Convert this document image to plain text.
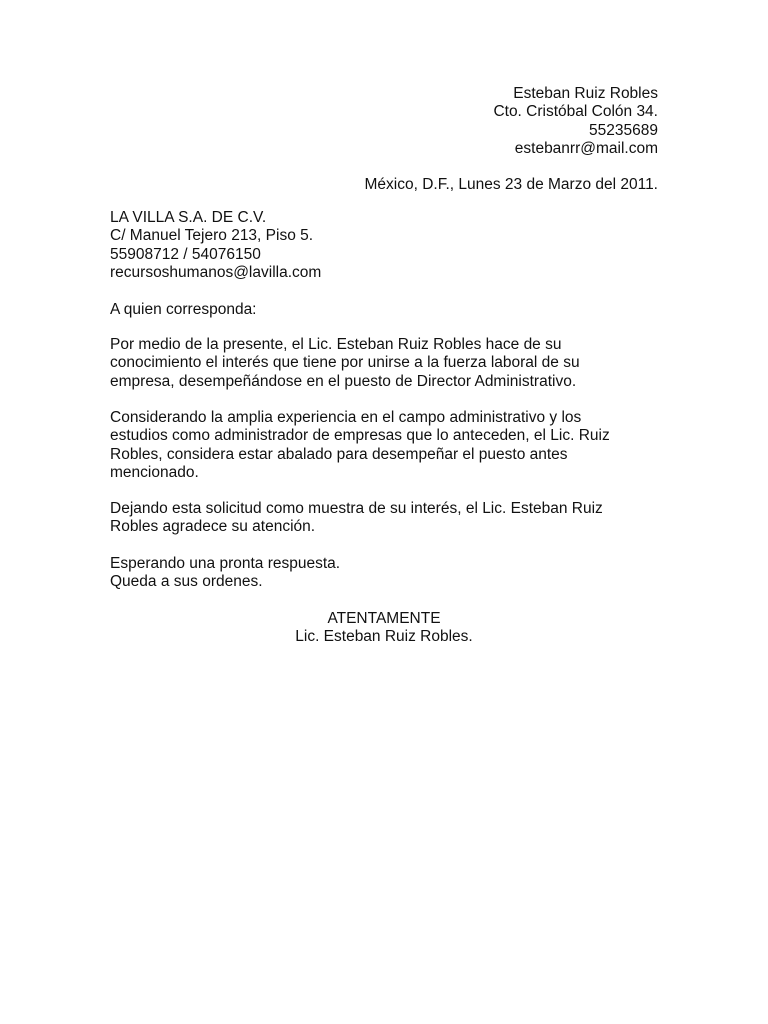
Esteban Ruiz Robles
Cto. Cristóbal Colón 34.
55235689
estebanrr@mail.com
México, D.F., Lunes 23 de Marzo del 2011.
LA VILLA S.A. DE C.V.
C/ Manuel Tejero 213, Piso 5.
55908712 / 54076150
recursoshumanos@lavilla.com
A quien corresponda:
Por medio de la presente, el Lic. Esteban Ruiz Robles hace de su
conocimiento el interés que tiene por unirse a la fuerza laboral de su
empresa, desempeñándose en el puesto de Director Administrativo.
Considerando la amplia experiencia en el campo administrativo y los
estudios como administrador de empresas que lo anteceden, el Lic. Ruiz
Robles, considera estar abalado para desempeñar el puesto antes
mencionado.
Dejando esta solicitud como muestra de su interés, el Lic. Esteban Ruiz
Robles agradece su atención.
Esperando una pronta respuesta.
Queda a sus ordenes.
ATENTAMENTE
Lic. Esteban Ruiz Robles.
